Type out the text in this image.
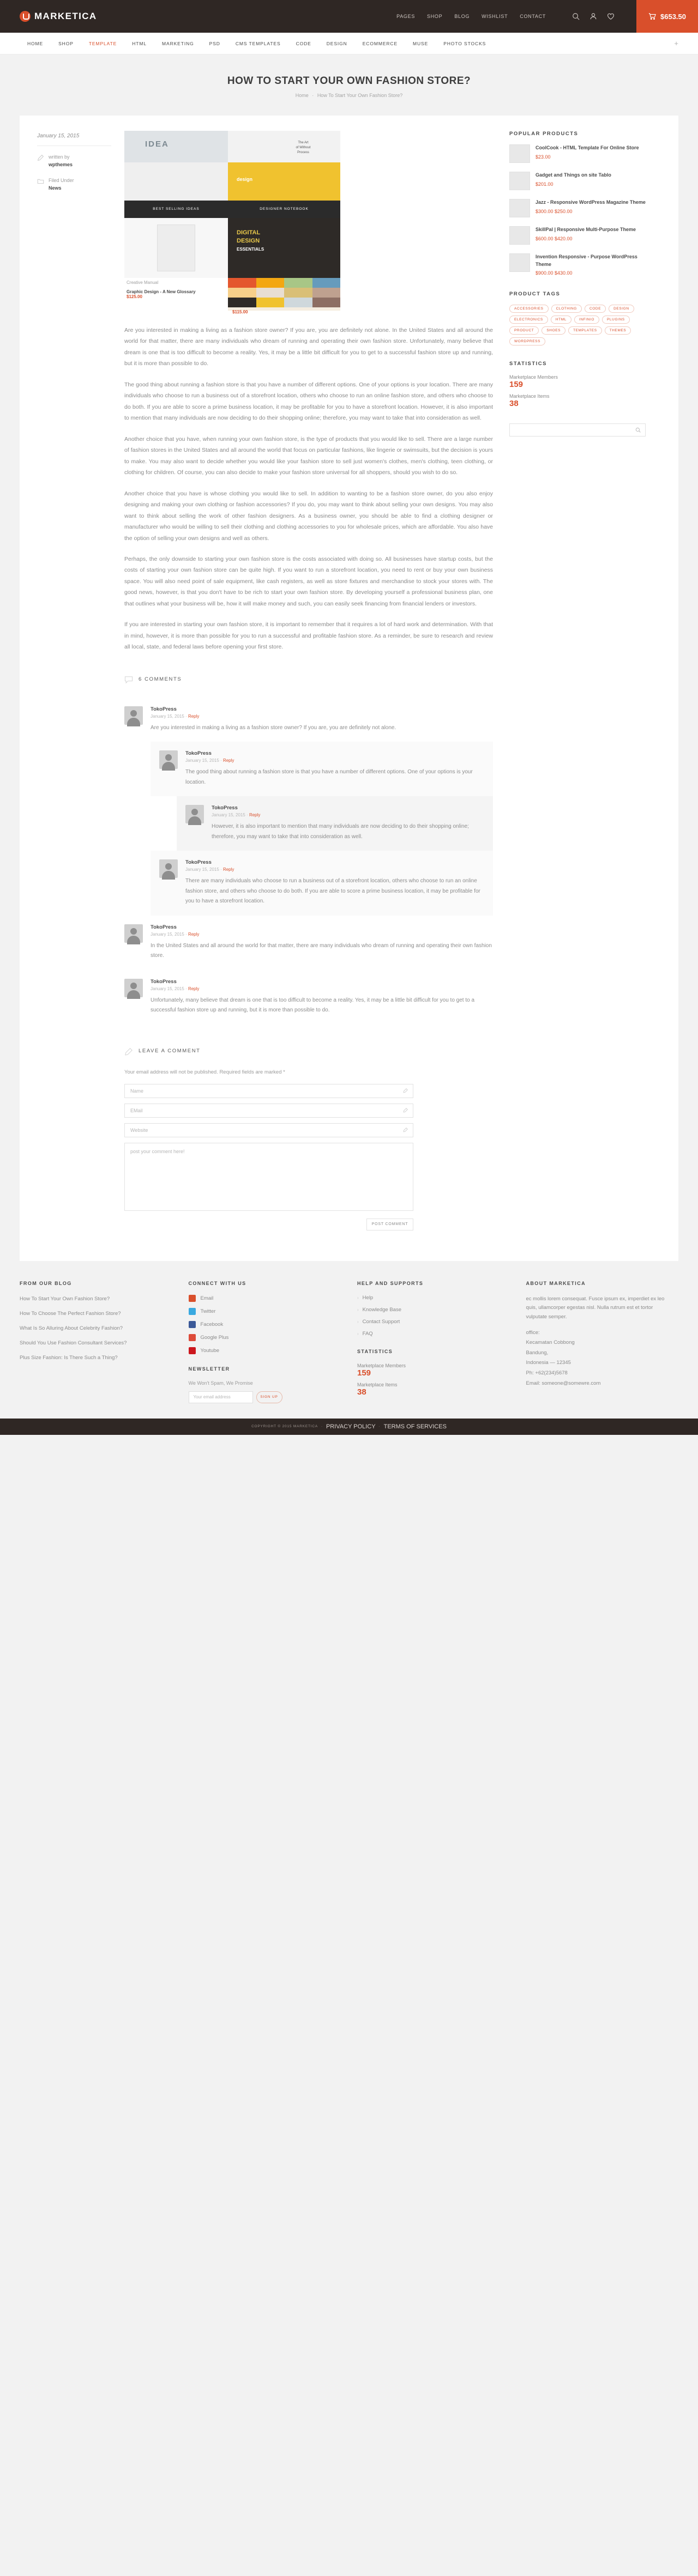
MARKETICA	PAGES SHOP BLOG WISHLIST CONTACT	$653.50
HOME	SHOP	TEMPLATE	HTML	MARKETING	PSD	CMS TEMPLATES	CODE	DESIGN	ECOMMERCE	MUSE	PHOTO STOCKS	+
HOW TO START YOUR OWN FASHION STORE?
Home · How To Start Your Own Fashion Store?
January 15, 2015
written by
wpthemes
Filed Under
News
IDEA	The Art
of Without
Process
design
BEST SELLING IDEAS	DESIGNER NOTEBOOK
DIGITAL
DESIGN
ESSENTIALS
Creative Manual
Graphic Design - A New Glossary
$125.00
$115.00

Are you interested in making a living as a fashion store owner? If you are, you are definitely not alone. In the United States and all around the world for that matter, there are many individuals who dream of running and operating their own fashion store. Unfortunately, many believe that dream is one that is too difficult to become a reality. Yes, it may be a little bit difficult for you to get to a successful fashion store up and running, but it is more than possible to do.

The good thing about running a fashion store is that you have a number of different options. One of your options is your location. There are many individuals who choose to run a business out of a storefront location, others who choose to run an online fashion store, and others who choose to do both. If you are able to score a prime business location, it may be profitable for you to have a storefront location. However, it is also important to mention that many individuals are now deciding to do their shopping online; therefore, you may want to take that into consideration as well.

Another choice that you have, when running your own fashion store, is the type of products that you would like to sell. There are a large number of fashion stores in the United States and all around the world that focus on particular fashions, like lingerie or swimsuits, but the decision is yours to make. You may also want to decide whether you would like your fashion store to sell just women's clothes, men's clothing, teen clothing, or clothing for children. Of course, you can also decide to make your fashion store universal for all shoppers, should you wish to do so.

Another choice that you have is whose clothing you would like to sell. In addition to wanting to be a fashion store owner, do you also enjoy designing and making your own clothing or fashion accessories? If you do, you may want to think about selling your own designs. You may also want to think about selling the work of other fashion designers. As a business owner, you should be able to find a clothing designer or manufacturer who would be willing to sell their clothing and clothing accessories to you for wholesale prices, which are affordable. You also have the option of selling your own designs and well as others.

Perhaps, the only downside to starting your own fashion store is the costs associated with doing so. All businesses have startup costs, but the costs of starting your own fashion store can be quite high. If you want to run a storefront location, you need to rent or buy your own business space. You will also need point of sale equipment, like cash registers, as well as store fixtures and merchandise to stock your stores with. The good news, however, is that you don't have to be rich to start your own fashion store. By developing yourself a professional business plan, one that outlines what your business will be, how it will make money and such, you can easily seek financing from financial lenders or investors.

If you are interested in starting your own fashion store, it is important to remember that it requires a lot of hard work and determination. With that in mind, however, it is more than possible for you to run a successful and profitable fashion store. As a reminder, be sure to research and review all local, state, and federal laws before opening your first store.

6 COMMENTS
TokoPress
January 15, 2015 · Reply
Are you interested in making a living as a fashion store owner? If you are, you are definitely not alone.
TokoPress
January 15, 2015 · Reply
The good thing about running a fashion store is that you have a number of different options. One of your options is your location.
TokoPress
January 15, 2015 · Reply
However, it is also important to mention that many individuals are now deciding to do their shopping online; therefore, you may want to take that into consideration as well.
TokoPress
January 15, 2015 · Reply
There are many individuals who choose to run a business out of a storefront location, others who choose to run an online fashion store, and others who choose to do both. If you are able to score a prime business location, it may be profitable for you to have a storefront location.
TokoPress
January 15, 2015 · Reply
In the United States and all around the world for that matter, there are many individuals who dream of running and operating their own fashion store.
TokoPress
January 15, 2015 · Reply
Unfortunately, many believe that dream is one that is too difficult to become a reality. Yes, it may be a little bit difficult for you to get to a successful fashion store up and running, but it is more than possible to do.
LEAVE A COMMENT
Your email address will not be published. Required fields are marked *
Name
EMail
Website
post your comment here!
POST COMMENT
POPULAR PRODUCTS
CoolCook - HTML Template For Online Store
$23.00
Gadget and Things on site Tablo
$201.00
Jazz - Responsive WordPress Magazine Theme
$300.00 $250.00
SkillPal | Responsive Multi-Purpose Theme
$600.00 $420.00
Invention Responsive - Purpose WordPress Theme
$900.00 $430.00
PRODUCT TAGS
ACCESSORIES	CLOTHING	CODE	DESIGN
ELECTRONICS	HTML	INFINIO	PLUGINS
PRODUCT	SHOES	TEMPLATES	THEMES
WORDPRESS
STATISTICS
Marketplace Members
159
Marketplace Items
38
FROM OUR BLOG
How To Start Your Own Fashion Store?
How To Choose The Perfect Fashion Store?
What Is So Alluring About Celebrity Fashion?
Should You Use Fashion Consultant Services?
Plus Size Fashion: Is There Such a Thing?
CONNECT WITH US
Email
Twitter
Facebook
Google Plus
Youtube
NEWSLETTER
We Won't Spam, We Promise
Your email address	SIGN UP
HELP AND SUPPORTS
› Help
› Knowledge Base
› Contact Support
› FAQ
STATISTICS
Marketplace Members
159
Marketplace Items
38
ABOUT MARKETICA
ec mollis lorem consequat. Fusce ipsum ex, imperdiet ex leo quis, ullamcorper egestas nisl. Nulla rutrum est et tortor vulputate semper.
office:
Kecamatan Cobbong
Bandung,
Indonesia — 12345
Ph: +62(234)5678
Email: someone@somewre.com
COPYRIGHT © 2015 MARKETICA · PRIVACY POLICY · TERMS OF SERVICES
